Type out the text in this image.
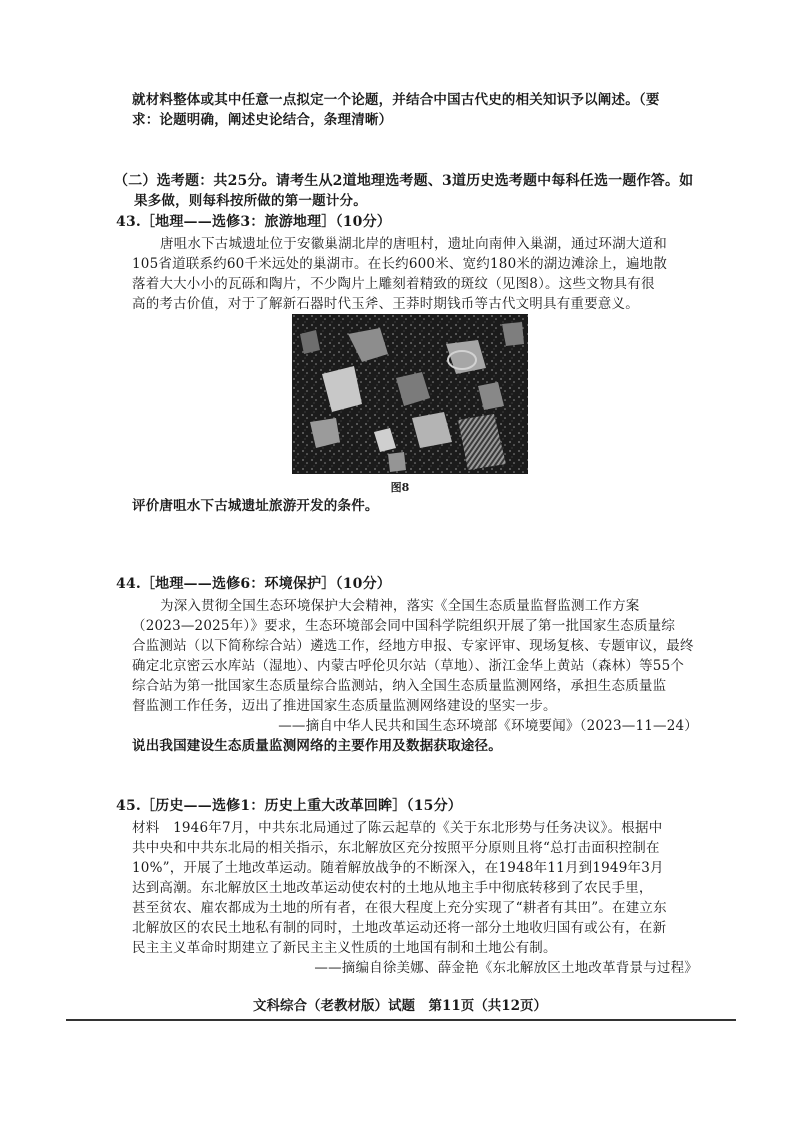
就材料整体或其中任意一点拟定一个论题，并结合中国古代史的相关知识予以阐述。（要
求：论题明确，阐述史论结合，条理清晰）
（二）选考题：共25分。请考生从2道地理选考题、3道历史选考题中每科任选一题作答。如
果多做，则每科按所做的第一题计分。
43.［地理——选修3：旅游地理］（10分）
唐咀水下古城遗址位于安徽巢湖北岸的唐咀村，遗址向南伸入巢湖，通过环湖大道和
105省道联系约60千米远处的巢湖市。在长约600米、宽约180米的湖边滩涂上，遍地散
落着大大小小的瓦砾和陶片，不少陶片上雕刻着精致的斑纹（见图8）。这些文物具有很
高的考古价值，对于了解新石器时代玉斧、王莽时期钱币等古代文明具有重要意义。
图8
评价唐咀水下古城遗址旅游开发的条件。
44.［地理——选修6：环境保护］（10分）
为深入贯彻全国生态环境保护大会精神，落实《全国生态质量监督监测工作方案
（2023—2025年）》要求，生态环境部会同中国科学院组织开展了第一批国家生态质量综
合监测站（以下简称综合站）遴选工作，经地方申报、专家评审、现场复核、专题审议，最终
确定北京密云水库站（湿地）、内蒙古呼伦贝尔站（草地）、浙江金华上黄站（森林）等55个
综合站为第一批国家生态质量综合监测站，纳入全国生态质量监测网络，承担生态质量监
督监测工作任务，迈出了推进国家生态质量监测网络建设的坚实一步。
——摘自中华人民共和国生态环境部《环境要闻》（2023—11—24）
说出我国建设生态质量监测网络的主要作用及数据获取途径。
45.［历史——选修1：历史上重大改革回眸］（15分）
材料　1946年7月，中共东北局通过了陈云起草的《关于东北形势与任务决议》。根据中
共中央和中共东北局的相关指示，东北解放区充分按照平分原则且将“总打击面积控制在
10%”，开展了土地改革运动。随着解放战争的不断深入，在1948年11月到1949年3月
达到高潮。东北解放区土地改革运动使农村的土地从地主手中彻底转移到了农民手里，
甚至贫农、雇农都成为土地的所有者，在很大程度上充分实现了“耕者有其田”。在建立东
北解放区的农民土地私有制的同时，土地改革运动还将一部分土地收归国有或公有，在新
民主主义革命时期建立了新民主主义性质的土地国有制和土地公有制。
——摘编自徐美娜、薛金艳《东北解放区土地改革背景与过程》
文科综合（老教材版）试题　第11页（共12页）
